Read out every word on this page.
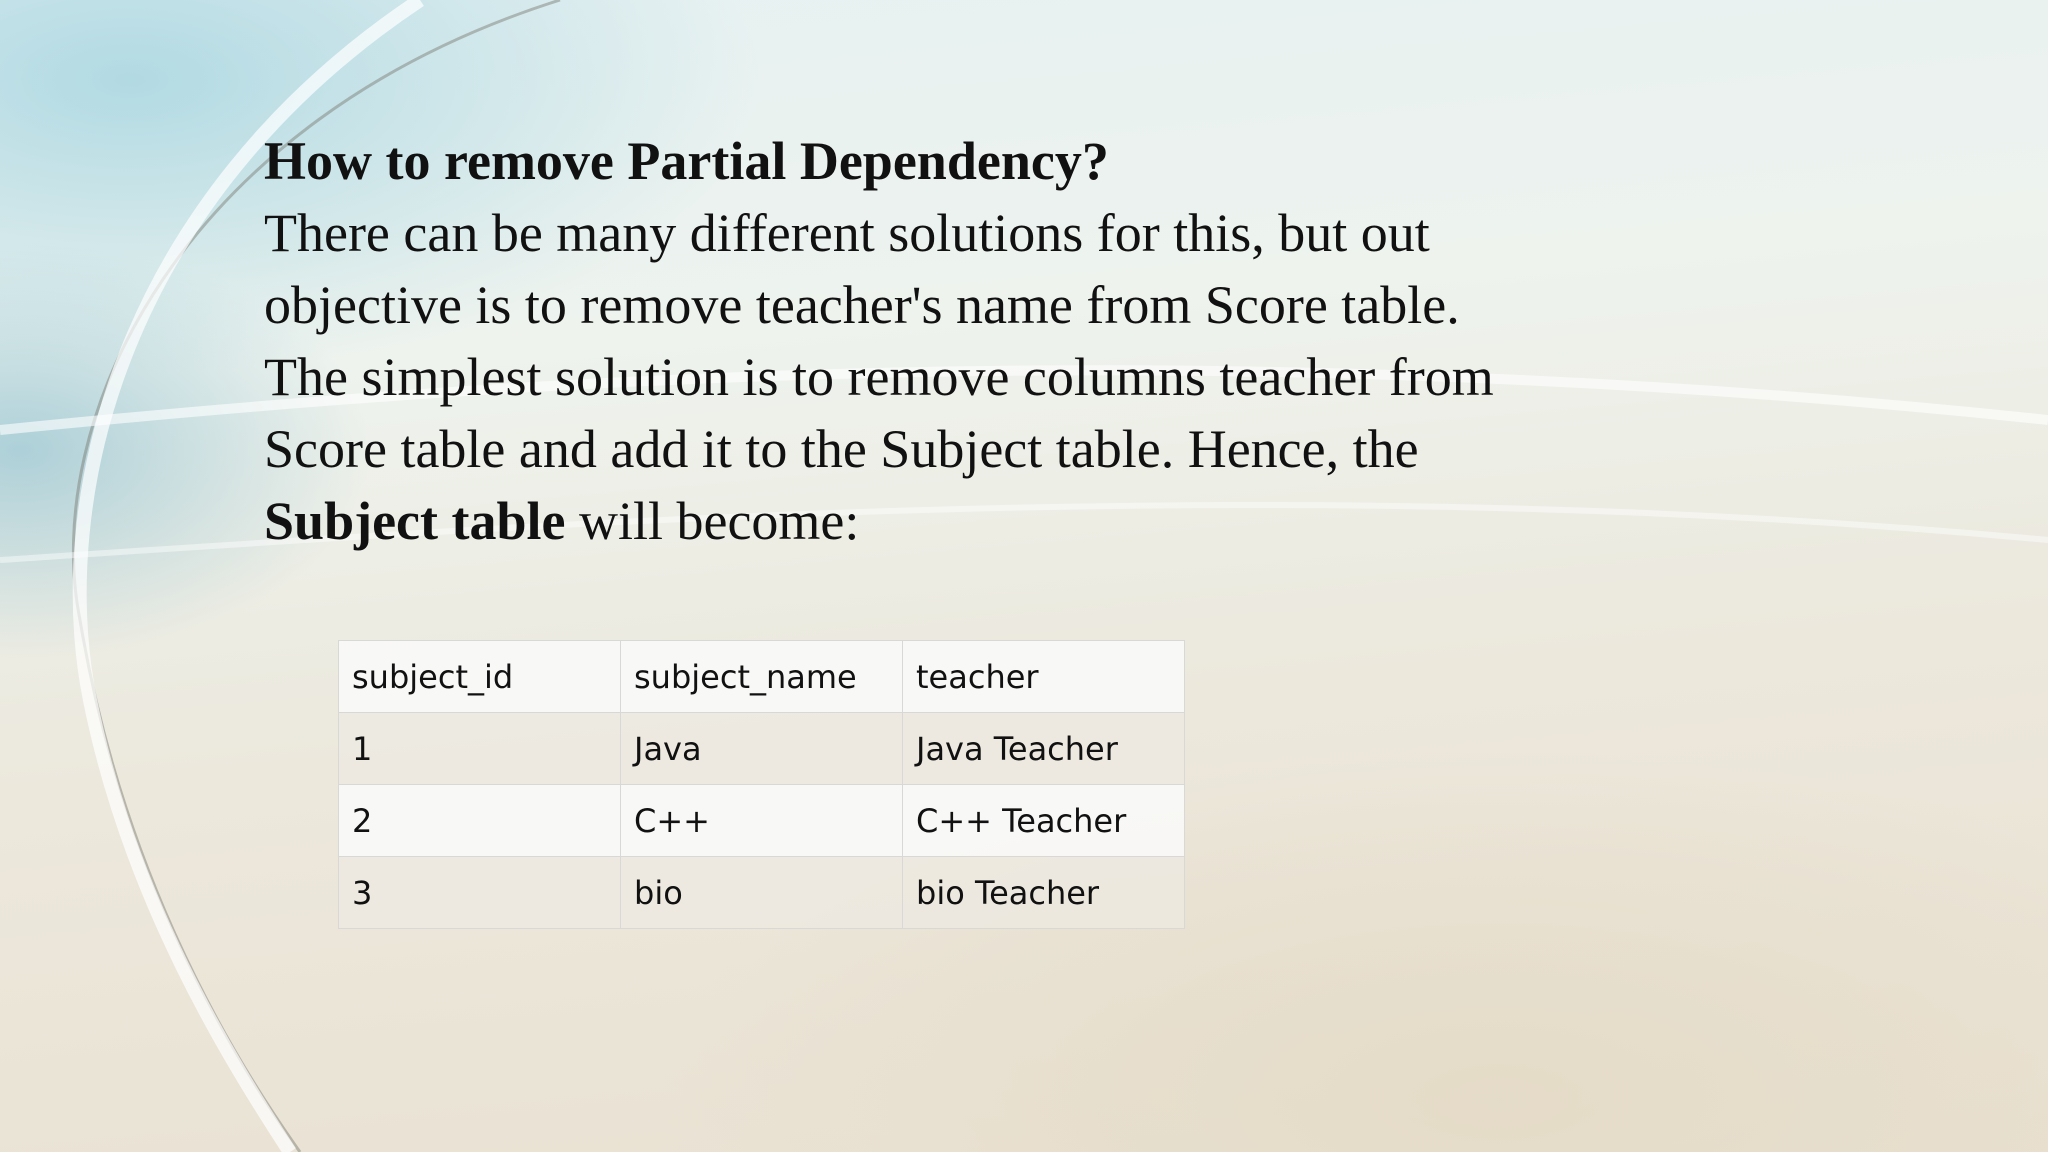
How to remove Partial Dependency?

There can be many different solutions for this, but out

objective is to remove teacher's name from Score table.

The simplest solution is to remove columns teacher from

Score table and add it to the Subject table. Hence, the

Subject table will become:

subject_id	subject_name	teacher
1	Java	Java Teacher
2	C++	C++ Teacher
3	bio	bio Teacher
